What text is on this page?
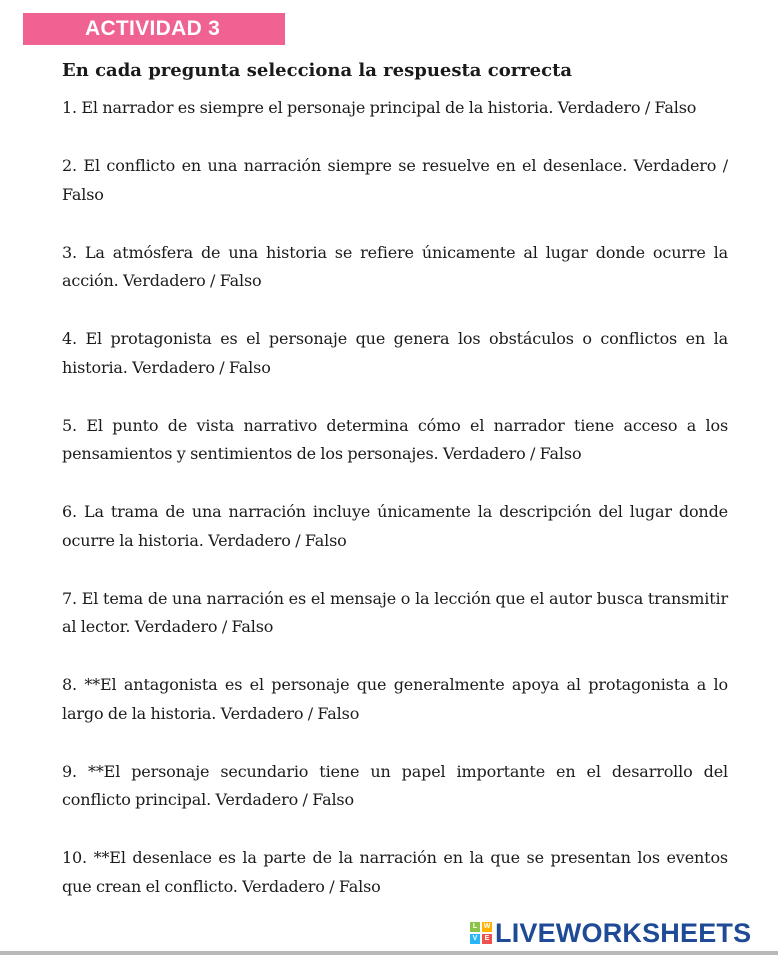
ACTIVIDAD 3
En cada pregunta selecciona la respuesta correcta
1. El narrador es siempre el personaje principal de la historia. Verdadero / Falso
2. El conflicto en una narración siempre se resuelve en el desenlace. Verdadero / Falso
3. La atmósfera de una historia se refiere únicamente al lugar donde ocurre la acción. Verdadero / Falso
4. El protagonista es el personaje que genera los obstáculos o conflictos en la historia. Verdadero / Falso
5. El punto de vista narrativo determina cómo el narrador tiene acceso a los pensamientos y sentimientos de los personajes. Verdadero / Falso
6. La trama de una narración incluye únicamente la descripción del lugar donde ocurre la historia. Verdadero / Falso
7. El tema de una narración es el mensaje o la lección que el autor busca transmitir al lector. Verdadero / Falso
8. **El antagonista es el personaje que generalmente apoya al protagonista a lo largo de la historia. Verdadero / Falso
9. **El personaje secundario tiene un papel importante en el desarrollo del conflicto principal. Verdadero / Falso
10. **El desenlace es la parte de la narración en la que se presentan los eventos que crean el conflicto. Verdadero / Falso
L W
V	E LIVEWORKSHEETS
